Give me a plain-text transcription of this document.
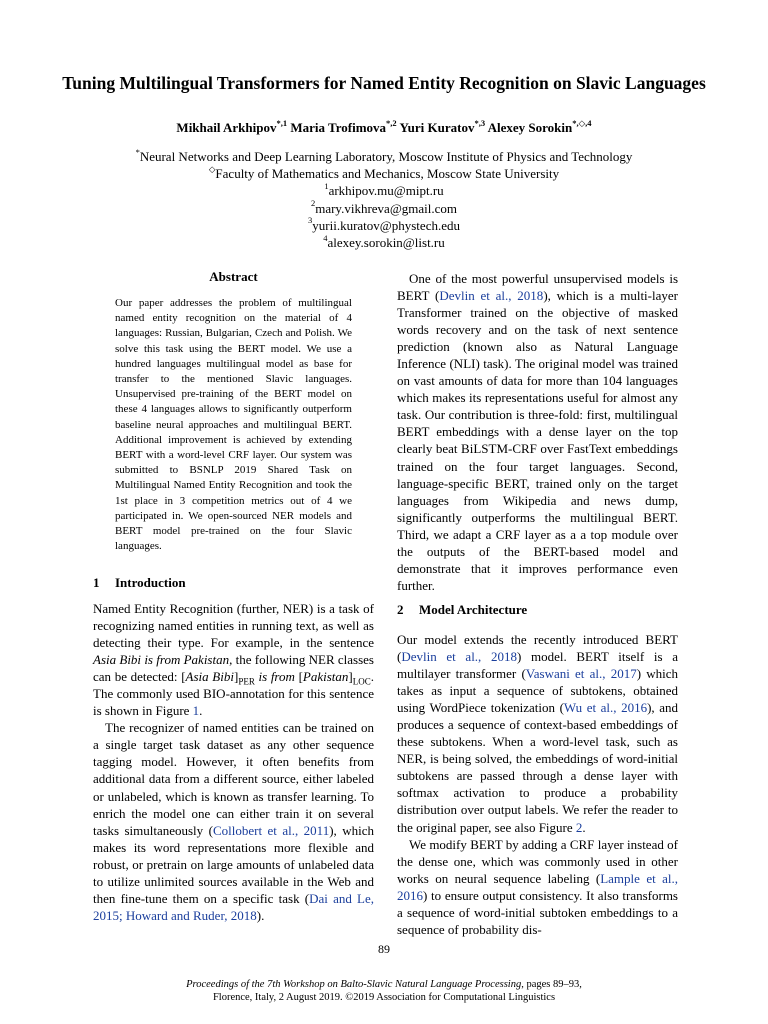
Tuning Multilingual Transformers for Named Entity Recognition on Slavic Languages
Mikhail Arkhipov$^{*,1}$ Maria Trofimova$^{*,2}$ Yuri Kuratov$^{*,3}$ Alexey Sorokin$^{*,◇,4}$
*Neural Networks and Deep Learning Laboratory, Moscow Institute of Physics and Technology
◇Faculty of Mathematics and Mechanics, Moscow State University
$^1$arkhipov.mu@mipt.ru
$^2$mary.vikhreva@gmail.com
$^3$yurii.kuratov@phystech.edu
$^4$alexey.sorokin@list.ru
Abstract
Our paper addresses the problem of multilingual named entity recognition on the material of 4 languages: Russian, Bulgarian, Czech and Polish. We solve this task using the BERT model. We use a hundred languages multilingual model as base for transfer to the mentioned Slavic languages. Unsupervised pre-training of the BERT model on these 4 languages allows to significantly outperform baseline neural approaches and multilingual BERT. Additional improvement is achieved by extending BERT with a word-level CRF layer. Our system was submitted to BSNLP 2019 Shared Task on Multilingual Named Entity Recognition and took the 1st place in 3 competition metrics out of 4 we participated in. We open-sourced NER models and BERT model pre-trained on the four Slavic languages.
1 Introduction

Named Entity Recognition (further, NER) is a task of recognizing named entities in running text, as well as detecting their type. For example, in the sentence Asia Bibi is from Pakistan, the following NER classes can be detected: [Asia $Bibi]_{PER}$ is from $[Pakistan]_{LOC}$. The commonly used BIO-annotation for this sentence is shown in Figure 1.

The recognizer of named entities can be trained on a single target task dataset as any other sequence tagging model. However, it often benefits from additional data from a different source, either labeled or unlabeled, which is known as transfer learning. To enrich the model one can either train it on several tasks simultaneously (Collobert et al., 2011), which makes its word representations more flexible and robust, or pretrain on large amounts of unlabeled data to utilize unlimited sources available in the Web and then fine-tune them on a specific task (Dai and Le, 2015; Howard and Ruder, 2018).

One of the most powerful unsupervised models is BERT (Devlin et al., 2018), which is a multi-layer Transformer trained on the objective of masked words recovery and on the task of next sentence prediction (known also as Natural Language Inference (NLI) task). The original model was trained on vast amounts of data for more than 104 languages which makes its representations useful for almost any task. Our contribution is three-fold: first, multilingual BERT embeddings with a dense layer on the top clearly beat BiLSTM-CRF over FastText embeddings trained on the four target languages. Second, language-specific BERT, trained only on the target languages from Wikipedia and news dump, significantly outperforms the multilingual BERT. Third, we adapt a CRF layer as a a top module over the outputs of the BERT-based model and demonstrate that it improves performance even further.

2 Model Architecture

Our model extends the recently introduced BERT (Devlin et al., 2018) model. BERT itself is a multilayer transformer (Vaswani et al., 2017) which takes as input a sequence of subtokens, obtained using WordPiece tokenization (Wu et al., 2016), and produces a sequence of context-based embeddings of these subtokens. When a word-level task, such as NER, is being solved, the embeddings of word-initial subtokens are passed through a dense layer with softmax activation to produce a probability distribution over output labels. We refer the reader to the original paper, see also Figure 2.

We modify BERT by adding a CRF layer instead of the dense one, which was commonly used in other works on neural sequence labeling (Lample et al., 2016) to ensure output consistency. It also transforms a sequence of word-initial subtoken embeddings to a sequence of probability dis-

89
Proceedings of the 7th Workshop on Balto-Slavic Natural Language Processing, pages 89–93,
Florence, Italy, 2 August 2019. ©2019 Association for Computational Linguistics
